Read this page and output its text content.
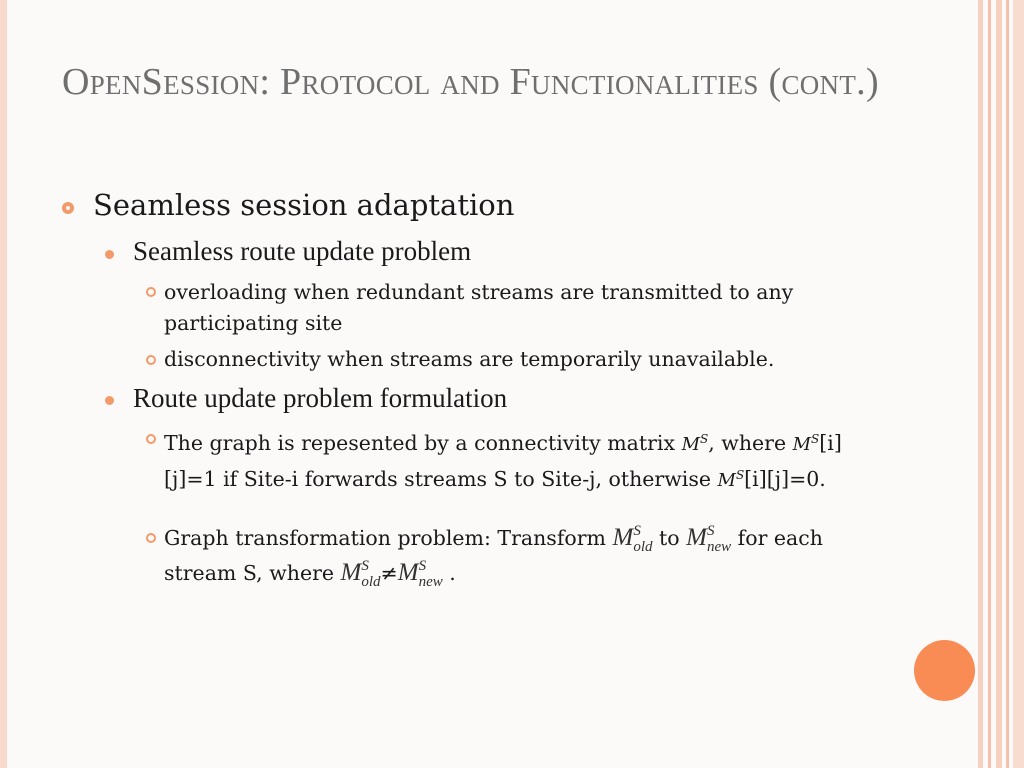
OpenSession: Protocol and Functionalities (cont.)
Seamless session adaptation
Seamless route update problem
overloading when redundant streams are transmitted to any participating site
disconnectivity when streams are temporarily unavailable.
Route update problem formulation
The graph is repesented by a connectivity matrix $M^S$, where $M^S[i][j]=1$ if Site-i forwards streams S to Site-j, otherwise $M^S[i][j]=0$.
Graph transformation problem: Transform M S
$_{old}$ to M S
$_{new}$ for each stream S, where M S
$_{old}$≠M S
$_{new}$ .
